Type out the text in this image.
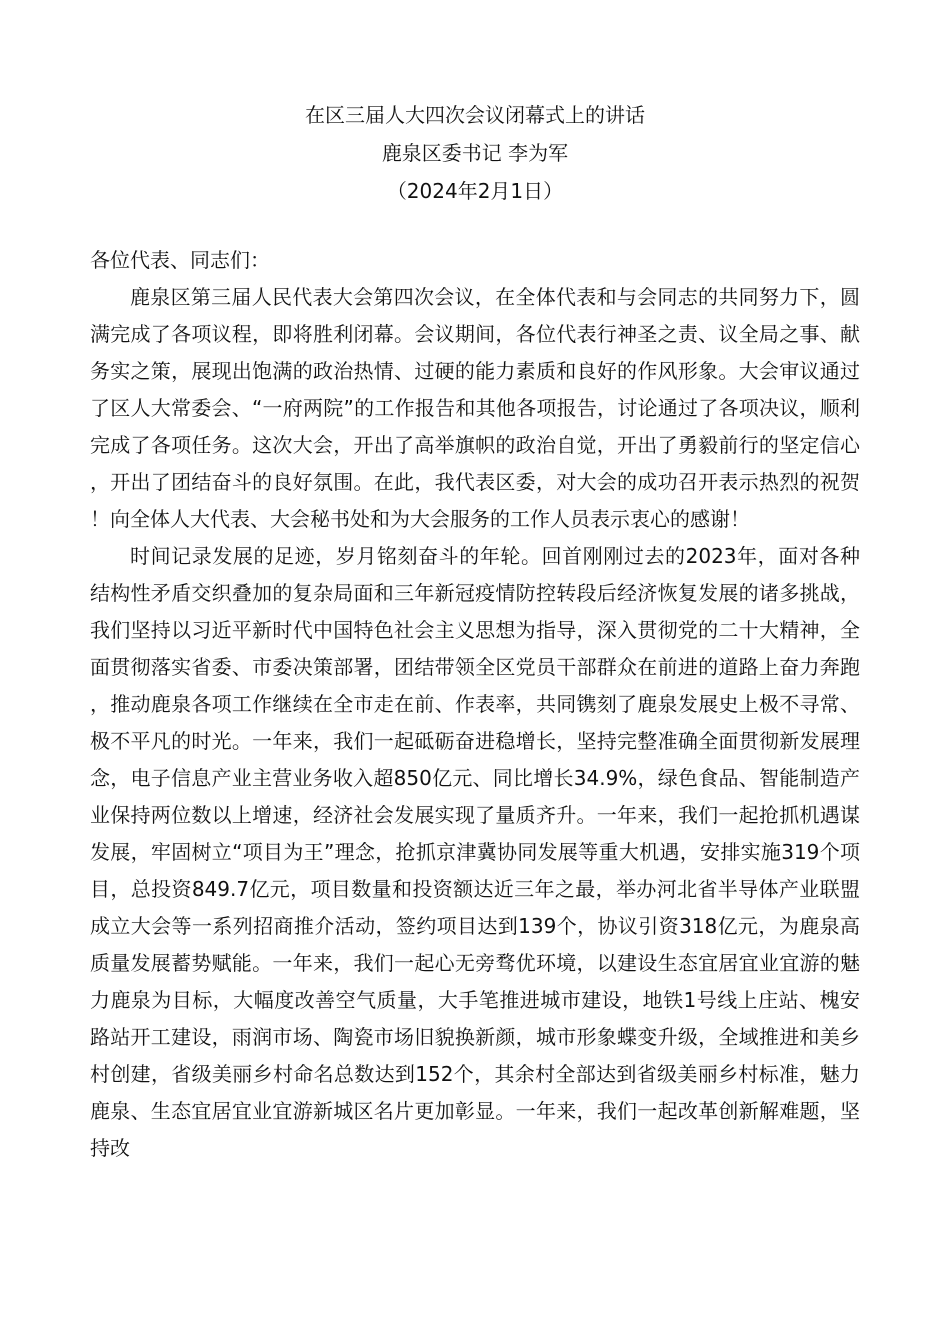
在区三届人大四次会议闭幕式上的讲话
鹿泉区委书记 李为军
（2024年2月1日）

各位代表、同志们：

鹿泉区第三届人民代表大会第四次会议，在全体代表和与会同志的共同努力下，圆满完成了各项议程，即将胜利闭幕。会议期间，各位代表行神圣之责、议全局之事、献务实之策，展现出饱满的政治热情、过硬的能力素质和良好的作风形象。大会审议通过了区人大常委会、“一府两院”的工作报告和其他各项报告，讨论通过了各项决议，顺利完成了各项任务。这次大会，开出了高举旗帜的政治自觉，开出了勇毅前行的坚定信心，开出了团结奋斗的良好氛围。在此，我代表区委，对大会的成功召开表示热烈的祝贺！向全体人大代表、大会秘书处和为大会服务的工作人员表示衷心的感谢！

时间记录发展的足迹，岁月铭刻奋斗的年轮。回首刚刚过去的2023年，面对各种结构性矛盾交织叠加的复杂局面和三年新冠疫情防控转段后经济恢复发展的诸多挑战，我们坚持以习近平新时代中国特色社会主义思想为指导，深入贯彻党的二十大精神，全面贯彻落实省委、市委决策部署，团结带领全区党员干部群众在前进的道路上奋力奔跑，推动鹿泉各项工作继续在全市走在前、作表率，共同镌刻了鹿泉发展史上极不寻常、极不平凡的时光。一年来，我们一起砥砺奋进稳增长，坚持完整准确全面贯彻新发展理念，电子信息产业主营业务收入超850亿元、同比增长34.9%，绿色食品、智能制造产业保持两位数以上增速，经济社会发展实现了量质齐升。一年来，我们一起抢抓机遇谋发展，牢固树立“项目为王”理念，抢抓京津冀协同发展等重大机遇，安排实施319个项目，总投资849.7亿元，项目数量和投资额达近三年之最，举办河北省半导体产业联盟成立大会等一系列招商推介活动，签约项目达到139个，协议引资318亿元，为鹿泉高质量发展蓄势赋能。一年来，我们一起心无旁骛优环境，以建设生态宜居宜业宜游的魅力鹿泉为目标，大幅度改善空气质量，大手笔推进城市建设，地铁1号线上庄站、槐安路站开工建设，雨润市场、陶瓷市场旧貌换新颜，城市形象蝶变升级，全域推进和美乡村创建，省级美丽乡村命名总数达到152个，其余村全部达到省级美丽乡村标准，魅力鹿泉、生态宜居宜业宜游新城区名片更加彰显。一年来，我们一起改革创新解难题，坚持改
